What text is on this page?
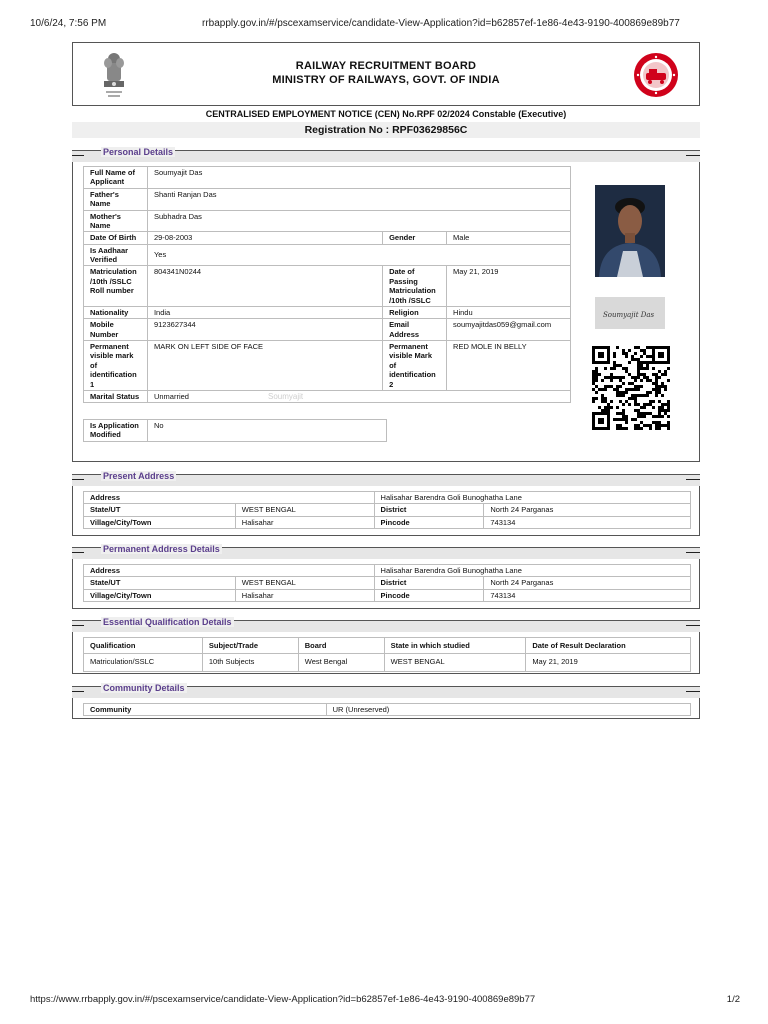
10/6/24, 7:56 PM	rrbapply.gov.in/#/pscexamservice/candidate-View-Application?id=b62857ef-1e86-4e43-9190-400869e89b77
RAILWAY RECRUITMENT BOARD
MINISTRY OF RAILWAYS, GOVT. OF INDIA
CENTRALISED EMPLOYMENT NOTICE (CEN) No.RPF 02/2024 Constable (Executive)
Registration No : RPF03629856C
Personal Details
Full Name of Applicant	Soumyajit Das		
Father's Name	Shanti Ranjan Das		
Mother's Name	Subhadra Das		
Date Of Birth	29-08-2003	Gender	Male
Is Aadhaar Verified	Yes		
Matriculation /10th /SSLC Roll number	804341N0244	Date of Passing Matriculation /10th /SSLC	May 21, 2019
Nationality	India	Religion	Hindu
Mobile Number	9123627344	Email Address	soumyajitdas059@gmail.com
Permanent visible mark of identification 1	MARK ON LEFT SIDE OF FACE	Permanent visible Mark of identification 2	RED MOLE IN BELLY
Marital Status	Unmarried		
Is Application Modified	No
Soumyajit Das
Soumyajit
Present Address
Address		Halisahar Barendra Goli Bunoghatha Lane	
State/UT	WEST BENGAL	District	North 24 Parganas
Village/City/Town	Halisahar	Pincode	743134
Permanent Address Details
Address		Halisahar Barendra Goli Bunoghatha Lane	
State/UT	WEST BENGAL	District	North 24 Parganas
Village/City/Town	Halisahar	Pincode	743134
Essential Qualification Details
Qualification	Subject/Trade	Board	State in which studied	Date of Result Declaration
Matriculation/SSLC	10th Subjects	West Bengal	WEST BENGAL	May 21, 2019
Community Details
Community	UR (Unreserved)
https://www.rrbapply.gov.in/#/pscexamservice/candidate-View-Application?id=b62857ef-1e86-4e43-9190-400869e89b77	1/2
